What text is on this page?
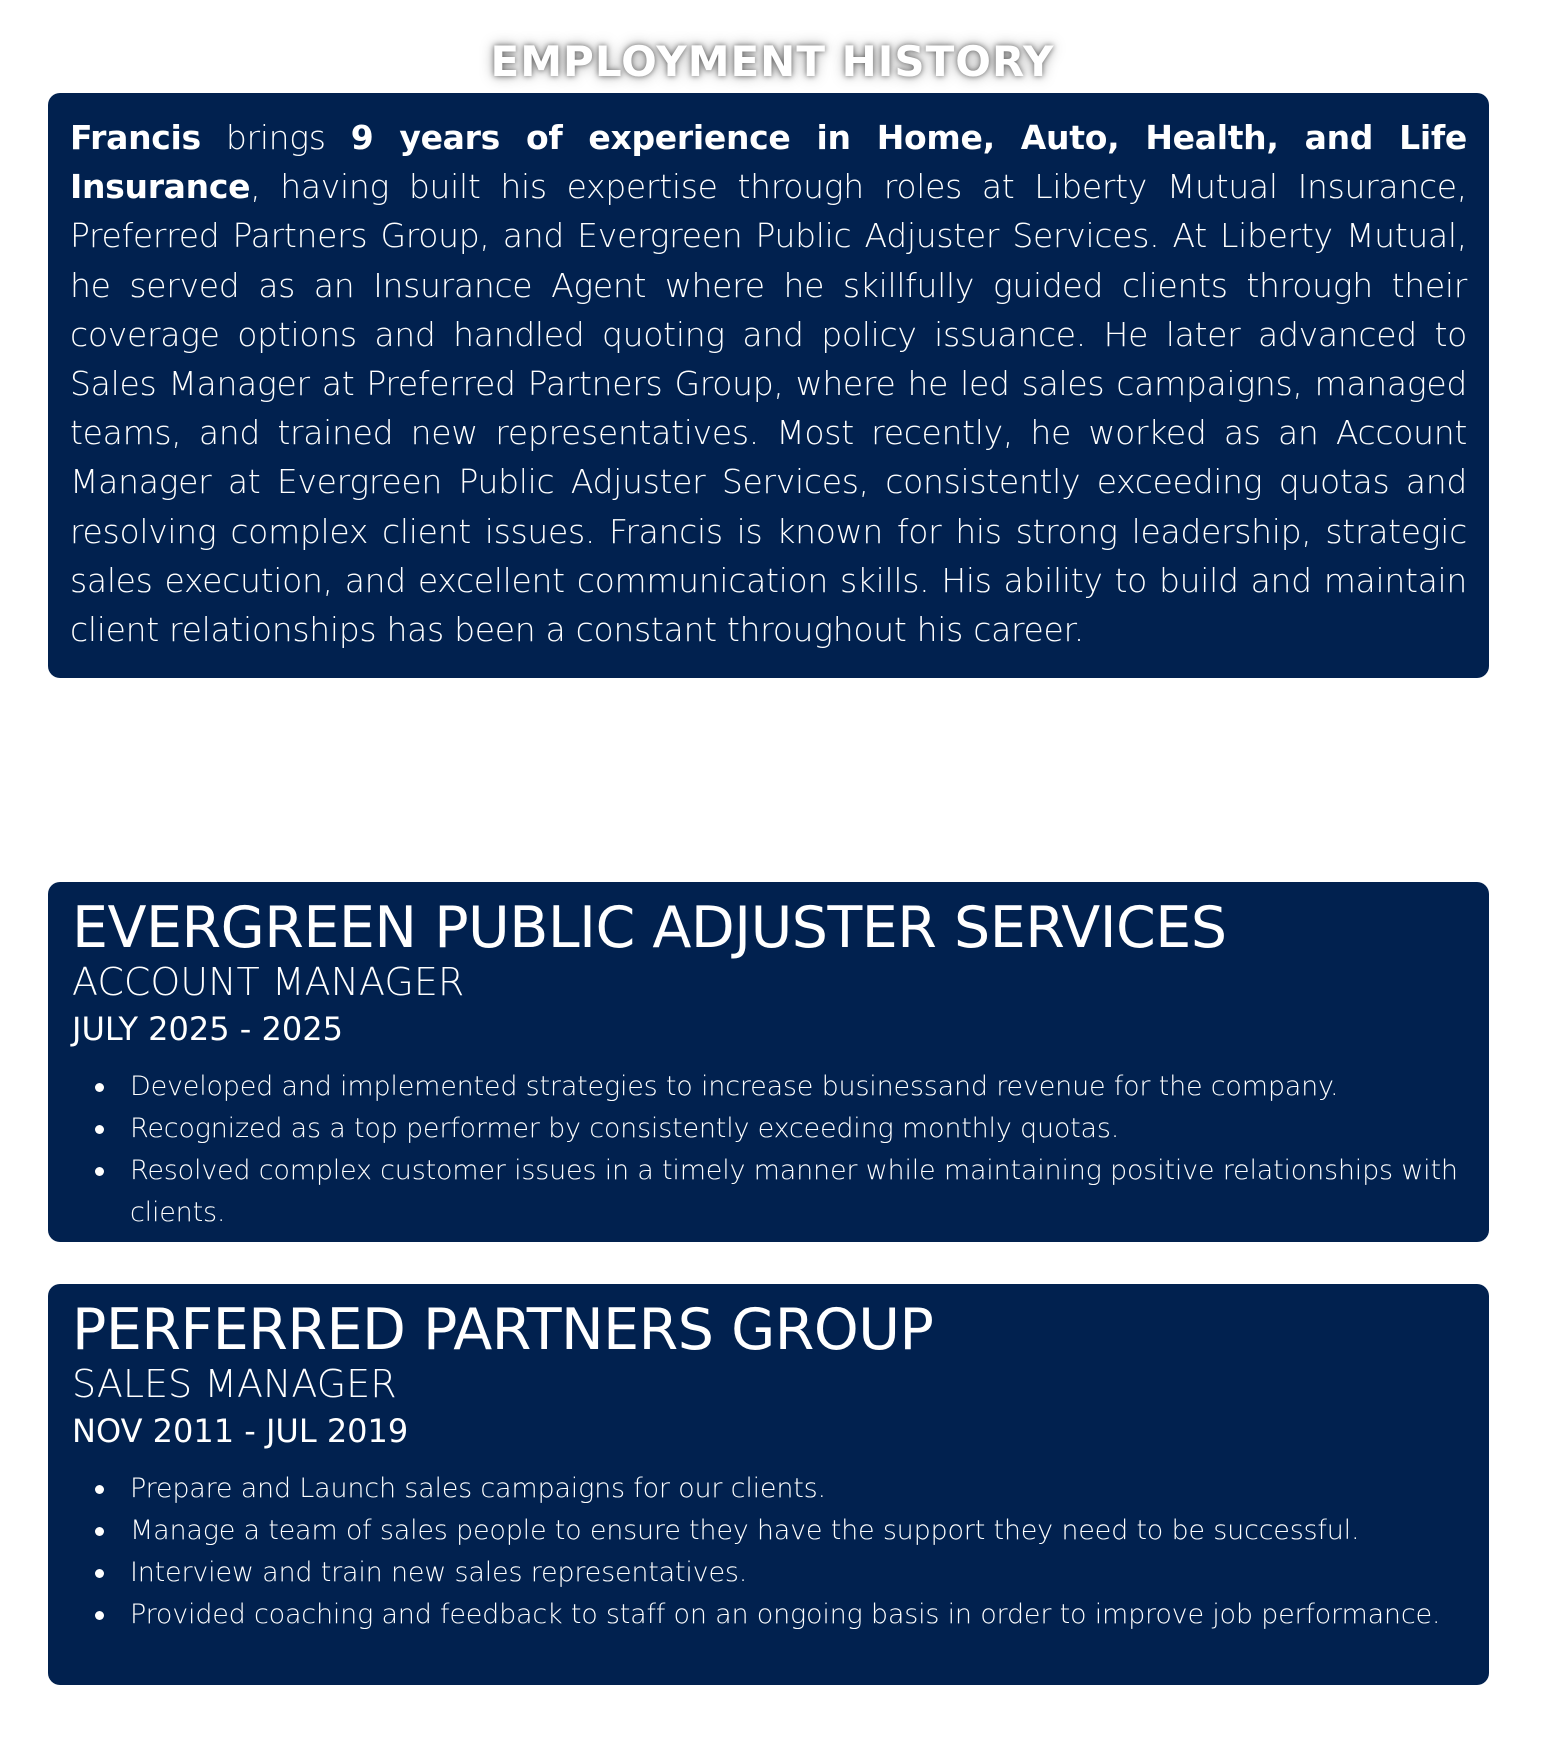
EMPLOYMENT HISTORY

Francis brings 9 years of experience in Home, Auto, Health, and Life Insurance, having built his expertise through roles at Liberty Mutual Insurance, Preferred Partners Group, and Evergreen Public Adjuster Services. At Liberty Mutual, he served as an Insurance Agent where he skillfully guided clients through their coverage options and handled quoting and policy issuance. He later advanced to Sales Manager at Preferred Partners Group, where he led sales campaigns, managed teams, and trained new representatives. Most recently, he worked as an Account Manager at Evergreen Public Adjuster Services, consistently exceeding quotas and resolving complex client issues. Francis is known for his strong leadership, strategic sales execution, and excellent communication skills. His ability to build and maintain client relationships has been a constant throughout his career.

EVERGREEN PUBLIC ADJUSTER SERVICES
ACCOUNT MANAGER
JULY 2025 - 2025
Developed and implemented strategies to increase businessand revenue for the company.
Recognized as a top performer by consistently exceeding monthly quotas.
Resolved complex customer issues in a timely manner while maintaining positive relationships with clients.
PERFERRED PARTNERS GROUP
SALES MANAGER
NOV 2011 - JUL 2019
Prepare and Launch sales campaigns for our clients.
Manage a team of sales people to ensure they have the support they need to be successful.
Interview and train new sales representatives.
Provided coaching and feedback to staff on an ongoing basis in order to improve job performance.
